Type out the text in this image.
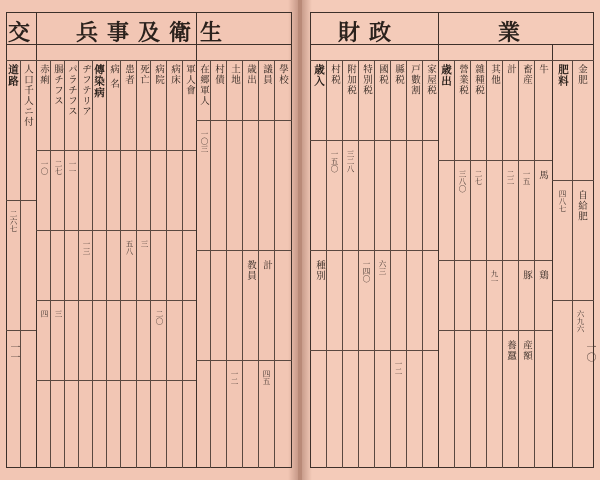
兵事及衛生
交
道路 人口千人ニ付 赤痢 腸チフス パラチフス ヂフテリア 傳染病 病 名 患者 死亡 病院 病床 軍人會 在郷軍人 村債 土地 歳出 議員 學校
教員 計
二六七
一〇 二七 一一
一三
四 三
五八 三
二〇
一〇三
一二	四五
一一
財政	業
歳入 村税 附加税 特別税 國税 縣税 戸數割 家屋税 歳出 營業税 雜種税 其他 計 畜産 牛
馬
豚 鶏
養蠶 産額
肥料 金肥
自給肥
種別
一五〇 三二八
一四〇 六三
一二
三八〇 二七
九一
二二 一五
四八七
六九六
一〇
